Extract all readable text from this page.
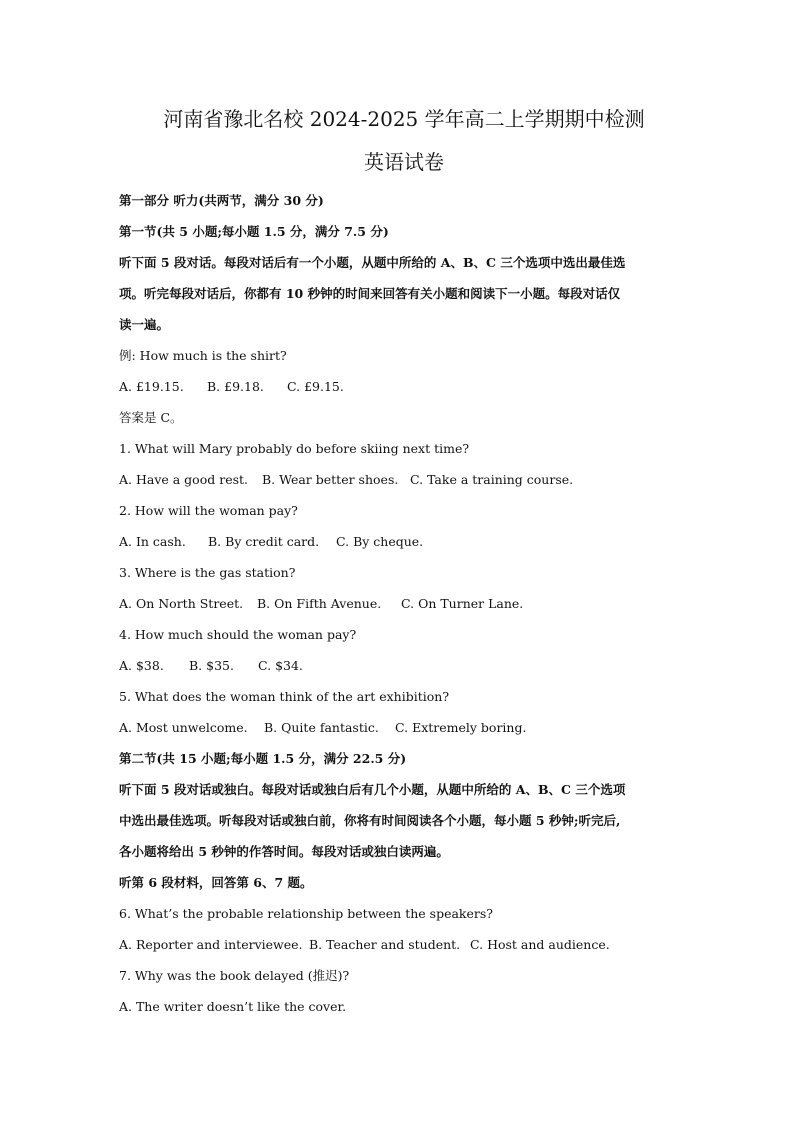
河南省豫北名校 2024-2025 学年高二上学期期中检测

英语试卷

第一部分 听力(共两节，满分 30 分)

第一节(共 5 小题;每小题 1.5 分，满分 7.5 分)

听下面 5 段对话。每段对话后有一个小题，从题中所给的 A、B、C 三个选项中选出最佳选

项。听完每段对话后，你都有 10 秒钟的时间来回答有关小题和阅读下一小题。每段对话仅

读一遍。

例: How much is the shirt?

A. £19.15. B. £9.18. C. £9.15.

答案是 C。

1. What will Mary probably do before skiing next time?

A. Have a good rest. B. Wear better shoes. C. Take a training course.

2. How will the woman pay?

A. In cash. B. By credit card. C. By cheque.

3. Where is the gas station?

A. On North Street. B. On Fifth Avenue. C. On Turner Lane.

4. How much should the woman pay?

A. $38. B. $35. C. $34.

5. What does the woman think of the art exhibition?

A. Most unwelcome. B. Quite fantastic. C. Extremely boring.

第二节(共 15 小题;每小题 1.5 分，满分 22.5 分)

听下面 5 段对话或独白。每段对话或独白后有几个小题，从题中所给的 A、B、C 三个选项

中选出最佳选项。听每段对话或独白前，你将有时间阅读各个小题，每小题 5 秒钟;听完后,

各小题将给出 5 秒钟的作答时间。每段对话或独白读两遍。

听第 6 段材料，回答第 6、7 题。

6. What’s the probable relationship between the speakers?

A. Reporter and interviewee. B. Teacher and student. C. Host and audience.

7. Why was the book delayed (推迟)?

A. The writer doesn’t like the cover.
